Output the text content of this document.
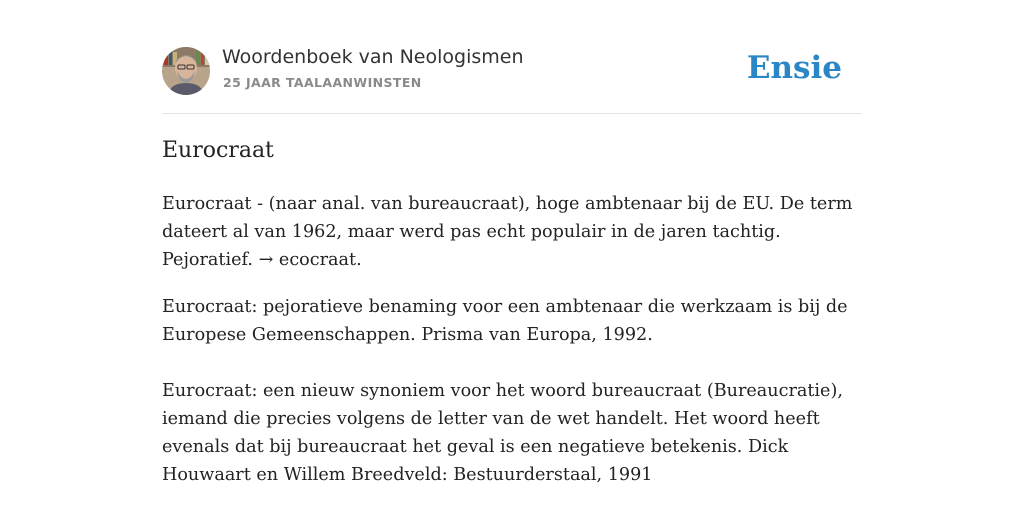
Woordenboek van Neologismen
25 JAAR TAALAANWINSTEN	Ensie
Eurocraat

Eurocraat - (naar anal. van bureaucraat), hoge ambtenaar bij de EU. De term dateert al van 1962, maar werd pas echt populair in de jaren tachtig. Pejoratief. → ecocraat.

Eurocraat: pejoratieve benaming voor een ambtenaar die werkzaam is bij de Europese Gemeenschappen. Prisma van Europa, 1992.

Eurocraat: een nieuw synoniem voor het woord bureaucraat (Bureaucratie), iemand die precies volgens de letter van de wet handelt. Het woord heeft evenals dat bij bureaucraat het geval is een negatieve betekenis. Dick Houwaart en Willem Breedveld: Bestuurderstaal, 1991
